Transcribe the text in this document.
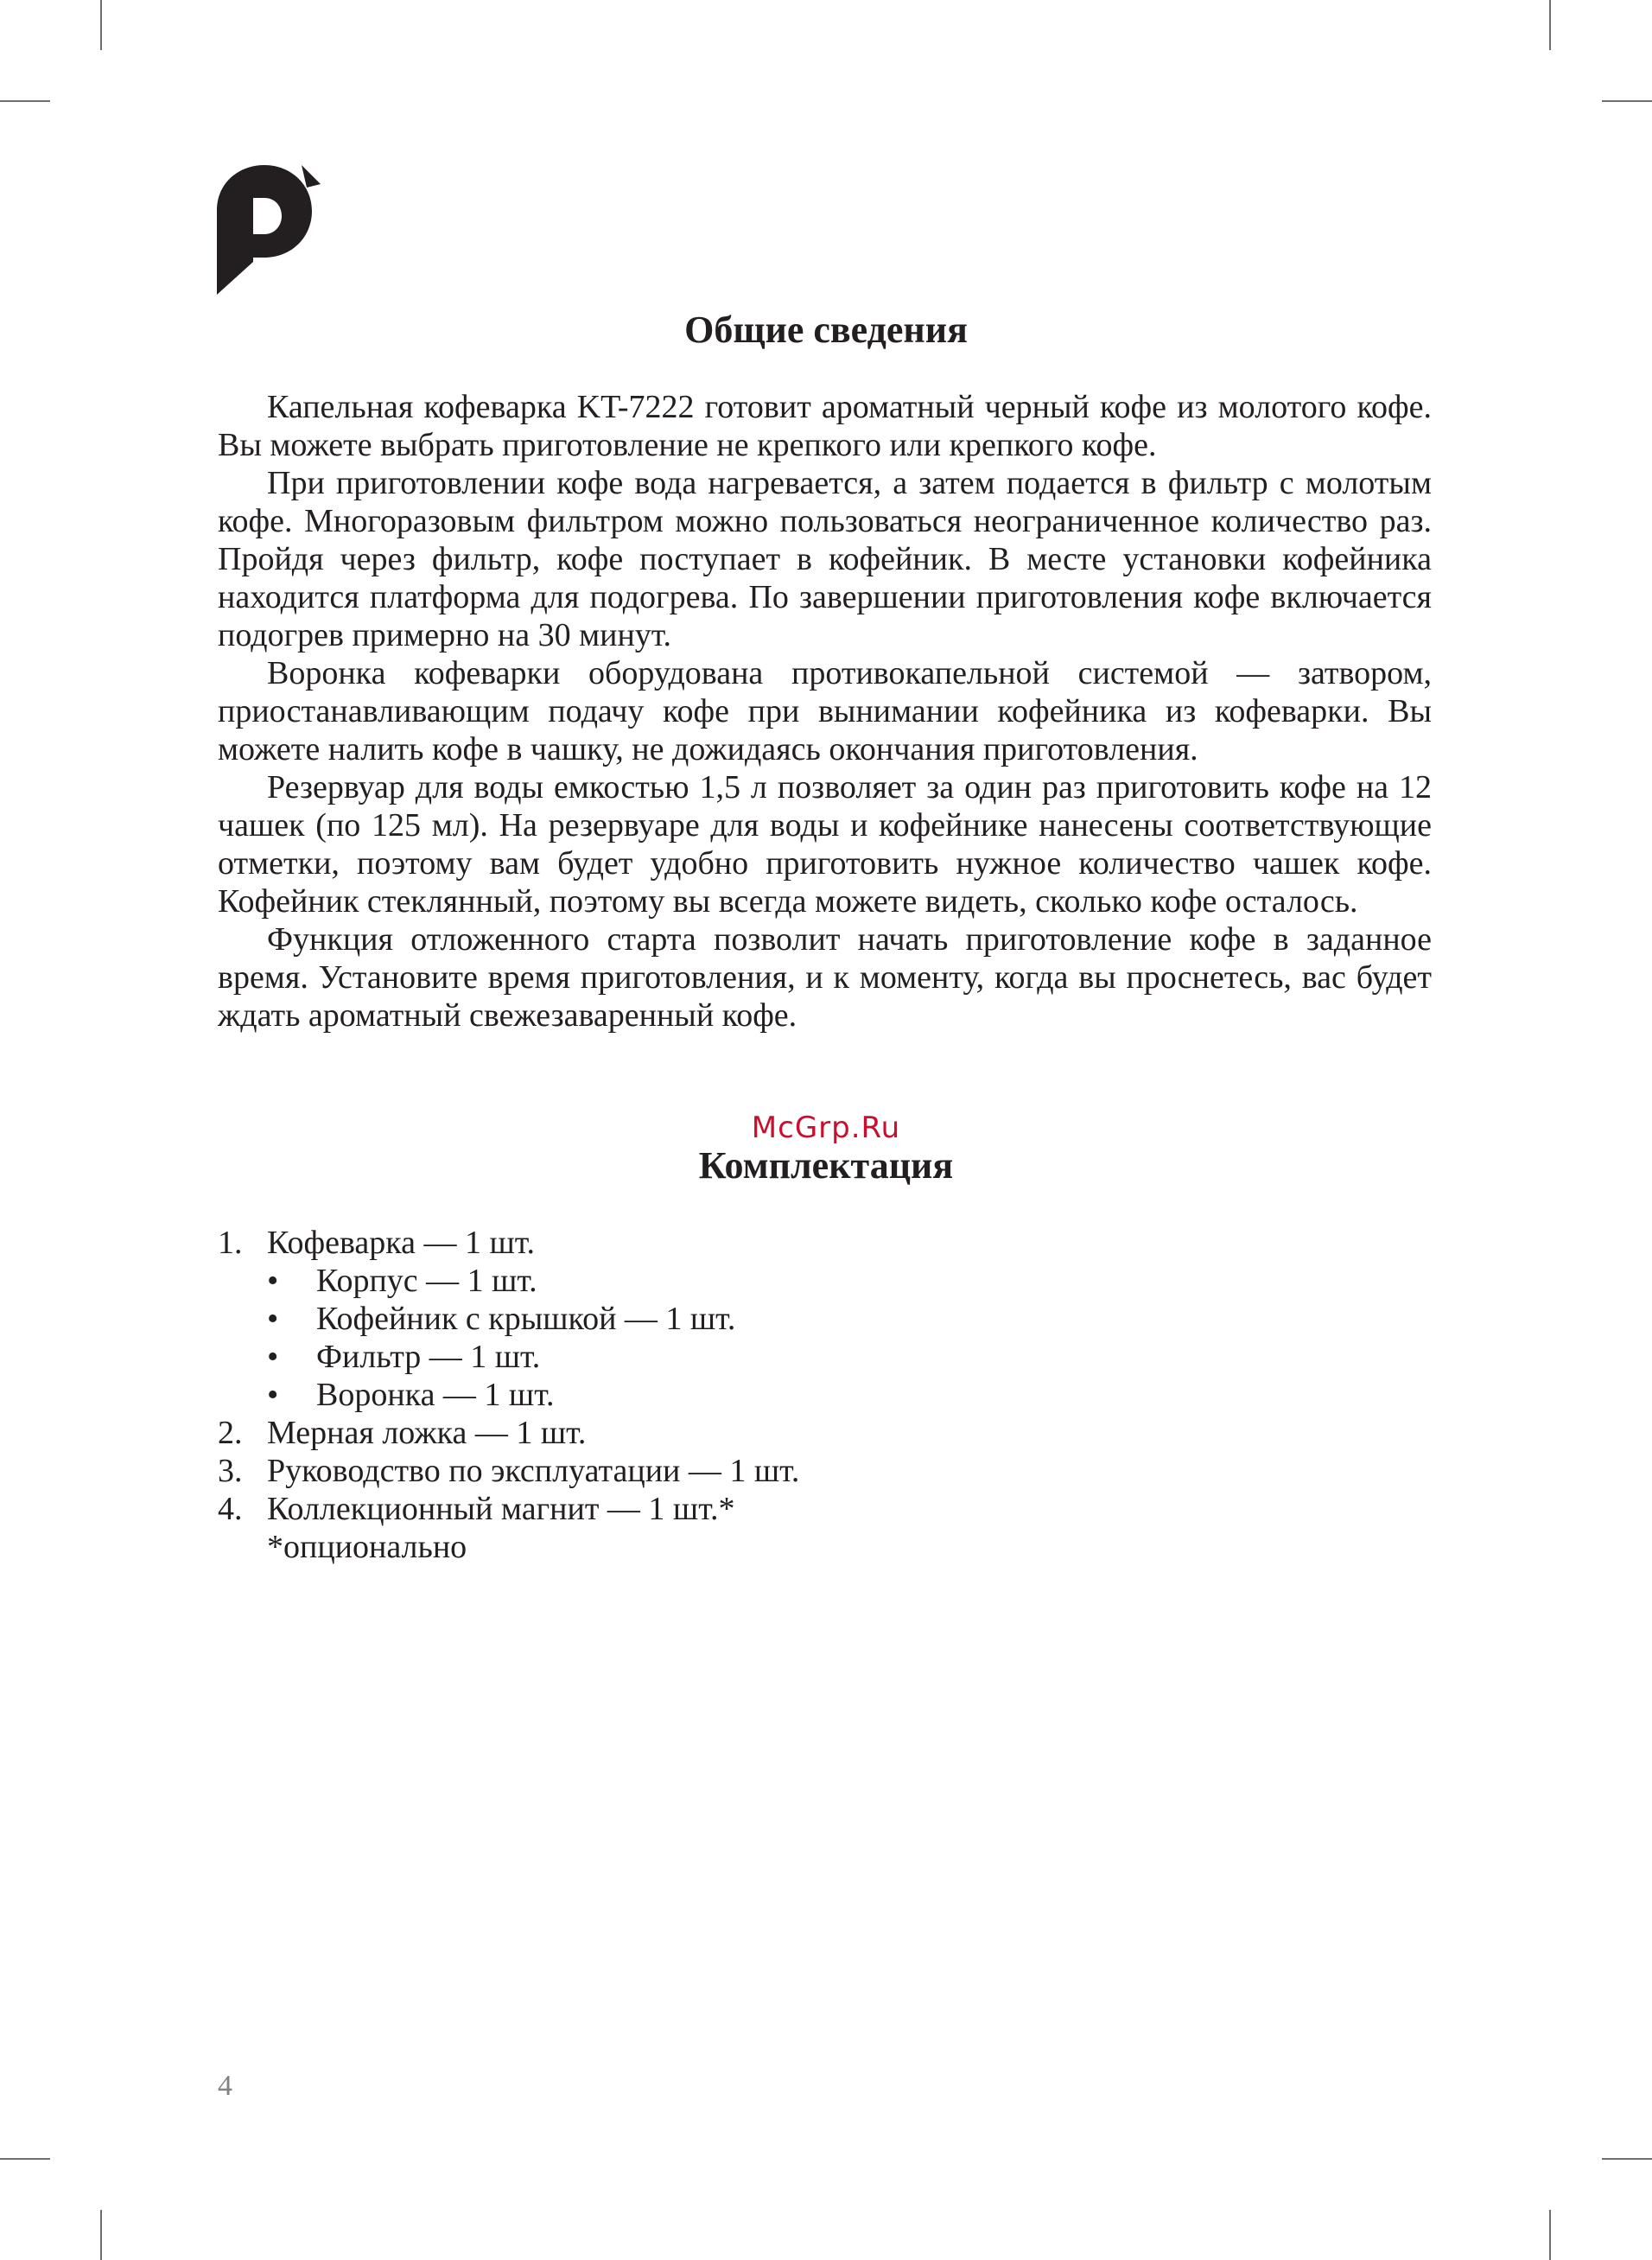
Общие сведения

Капельная кофеварка KT-7222 готовит ароматный черный кофе из молотого кофе. Вы можете выбрать приготовление не крепкого или крепкого кофе.

При приготовлении кофе вода нагревается, а затем подается в фильтр с молотым кофе. Многоразовым фильтром можно пользоваться неограниченное количество раз. Пройдя через фильтр, кофе поступает в кофейник. В месте установки кофейника находится платформа для подогрева. По завершении приготовления кофе включается подогрев примерно на 30 минут.

Воронка кофеварки оборудована противокапельной системой — затвором, приостанавливающим подачу кофе при вынимании кофейника из кофеварки. Вы можете налить кофе в чашку, не дожидаясь окончания приготовления.

Резервуар для воды емкостью 1,5 л позволяет за один раз приготовить кофе на 12 чашек (по 125 мл). На резервуаре для воды и кофейнике нанесены соответствующие отметки, поэтому вам будет удобно приготовить нужное количество чашек кофе. Кофейник стеклянный, поэтому вы всегда можете видеть, сколько кофе осталось.

Функция отложенного старта позволит начать приготовление кофе в заданное время. Установите время приготовления, и к моменту, когда вы проснетесь, вас будет ждать ароматный свежезаваренный кофе.

McGrp.Ru
Комплектация
1. Кофеварка — 1 шт.
• Корпус — 1 шт.
• Кофейник с крышкой — 1 шт.
• Фильтр — 1 шт.
• Воронка — 1 шт.
2. Мерная ложка — 1 шт.
3. Руководство по эксплуатации — 1 шт.
4. Коллекционный магнит — 1 шт.*
*опционально
4
